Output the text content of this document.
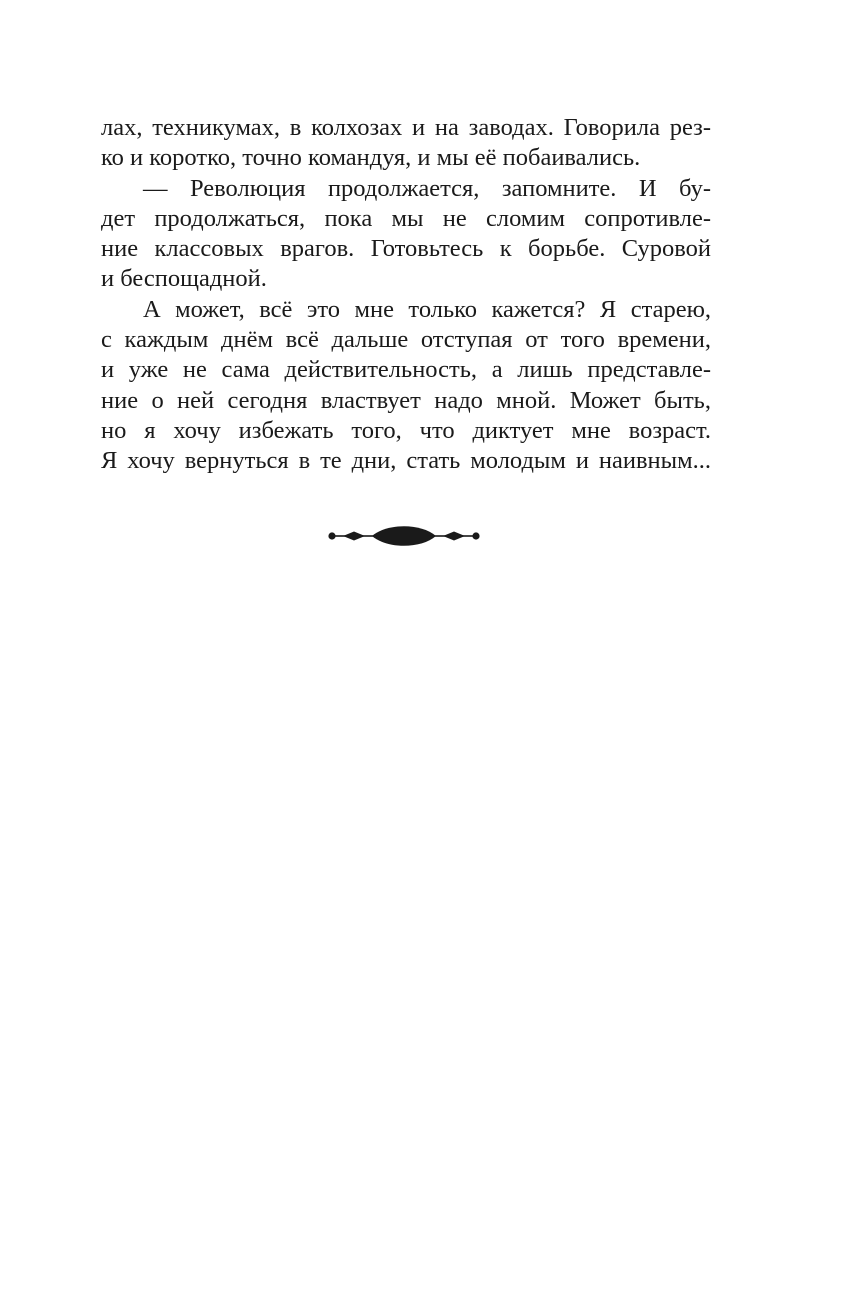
лах, техникумах, в колхозах и на заводах. Говорила рез-
ко и коротко, точно командуя, и мы её побаивались.
— Революция продолжается, запомните. И бу-
дет продолжаться, пока мы не сломим сопротивле-
ние классовых врагов. Готовьтесь к борьбе. Суровой
и беспощадной.
А может, всё это мне только кажется? Я старею,
с каждым днём всё дальше отступая от того времени,
и уже не сама действительность, а лишь представле-
ние о ней сегодня властвует надо мной. Может быть,
но я хочу избежать того, что диктует мне возраст.
Я хочу вернуться в те дни, стать молодым и наивным...
